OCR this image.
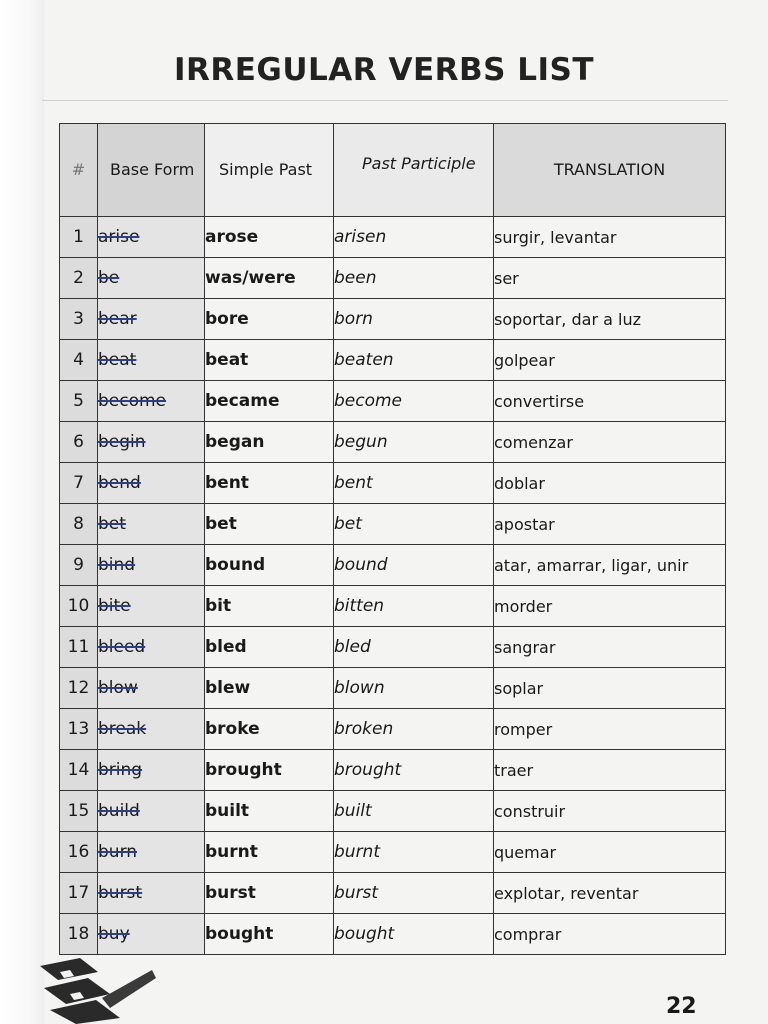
IRREGULAR VERBS LIST
#	Base Form	Simple Past	Past Participle	TRANSLATION
1	arise	arose	arisen	surgir, levantar
2	be	was/were	been	ser
3	bear	bore	born	soportar, dar a luz
4	beat	beat	beaten	golpear
5	become	became	become	convertirse
6	begin	began	begun	comenzar
7	bend	bent	bent	doblar
8	bet	bet	bet	apostar
9	bind	bound	bound	atar, amarrar, ligar, unir
10	bite	bit	bitten	morder
11	bleed	bled	bled	sangrar
12	blow	blew	blown	soplar
13	break	broke	broken	romper
14	bring	brought	brought	traer
15	build	built	built	construir
16	burn	burnt	burnt	quemar
17	burst	burst	burst	explotar, reventar
18	buy	bought	bought	comprar
22
